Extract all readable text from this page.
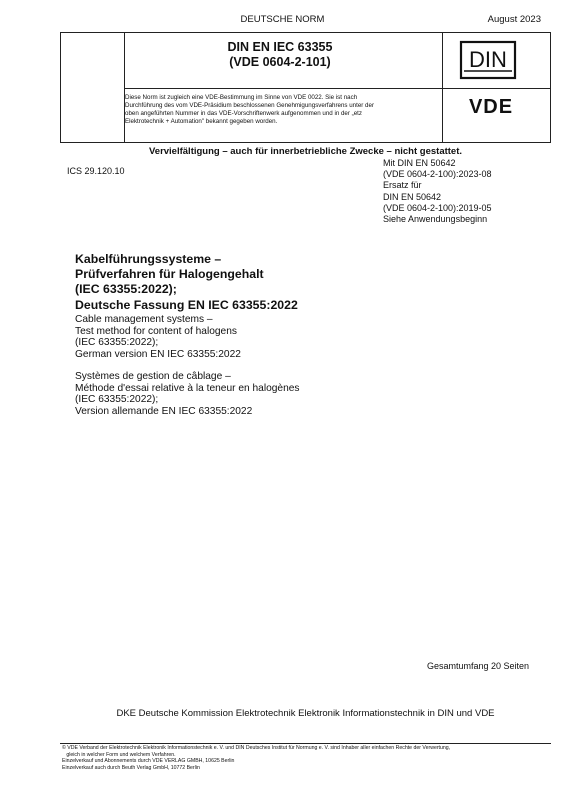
DEUTSCHE NORM	August 2023
DIN EN IEC 63355
(VDE 0604-2-101)
Diese Norm ist zugleich eine VDE-Bestimmung im Sinne von VDE 0022. Sie ist nach
Durchführung des vom VDE-Präsidium beschlossenen Genehmigungsverfahrens unter der
oben angeführten Nummer in das VDE-Vorschriftenwerk aufgenommen und in der „etz
Elektrotechnik + Automation" bekannt gegeben worden.
DIN
VDE
Vervielfältigung – auch für innerbetriebliche Zwecke – nicht gestattet.
ICS 29.120.10
Mit DIN EN 50642
(VDE 0604-2-100):2023-08
Ersatz für
DIN EN 50642
(VDE 0604-2-100):2019-05
Siehe Anwendungsbeginn
Kabelführungssysteme –
Prüfverfahren für Halogengehalt
(IEC 63355:2022);
Deutsche Fassung EN IEC 63355:2022
Cable management systems –
Test method for content of halogens
(IEC 63355:2022);
German version EN IEC 63355:2022
Systèmes de gestion de câblage –
Méthode d'essai relative à la teneur en halogènes
(IEC 63355:2022);
Version allemande EN IEC 63355:2022
Gesamtumfang 20 Seiten
DKE Deutsche Kommission Elektrotechnik Elektronik Informationstechnik in DIN und VDE
© VDE Verband der Elektrotechnik Elektronik Informationstechnik e. V. und DIN Deutsches Institut für Normung e. V. sind Inhaber aller einfachen Rechte der Verwertung,
gleich in welcher Form und welchem Verfahren.
Einzelverkauf und Abonnements durch VDE VERLAG GMBH, 10625 Berlin
Einzelverkauf auch durch Beuth Verlag GmbH, 10772 Berlin
